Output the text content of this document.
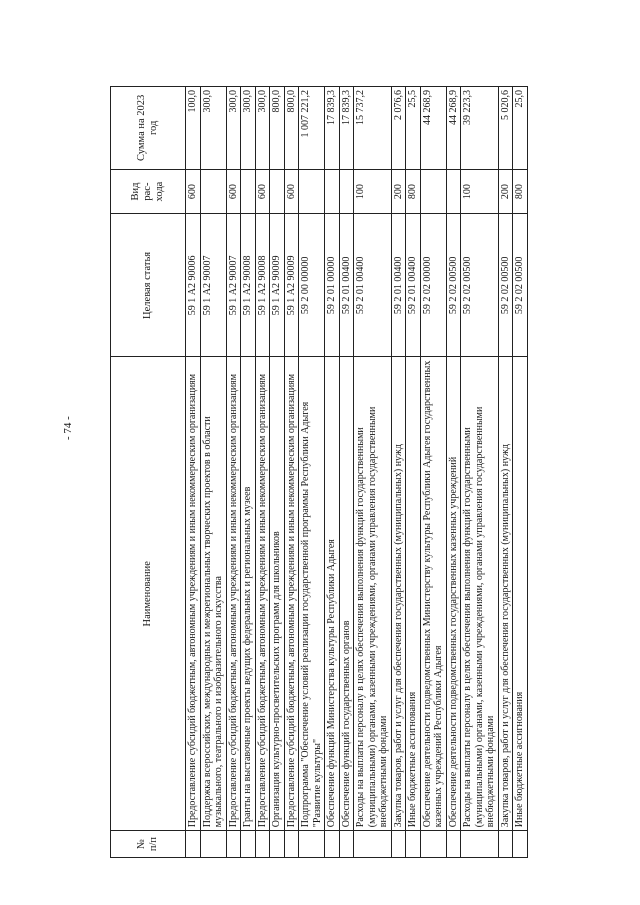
- 74 -
№ п/п	Наименование	Целевая статья	Вид рас-хода	Сумма на 2023 год
	Предоставление субсидий бюджетным, автономным учреждениям и иным некоммерческим организациям	59 1 А2 90006	600	100,0
	Поддержка всероссийских, международных и межрегиональных творческих проектов в области музыкального, театрального и изобразительного искусства	59 1 А2 90007		300,0
	Предоставление субсидий бюджетным, автономным учреждениям и иным некоммерческим организациям	59 1 А2 90007	600	300,0
	Гранты на выставочные проекты ведущих федеральных и региональных музеев	59 1 А2 90008		300,0
	Предоставление субсидий бюджетным, автономным учреждениям и иным некоммерческим организациям	59 1 А2 90008	600	300,0
	Организация культурно-просветительских программ для школьников	59 1 А2 90009		800,0
	Предоставление субсидий бюджетным, автономным учреждениям и иным некоммерческим организациям	59 1 А2 90009	600	800,0
	Подпрограмма "Обеспечение условий реализации государственной программы Республики Адыгея "Развитие культуры"	59 2 00 00000		1 007 221,2
	Обеспечение функций Министерства культуры Республики Адыгея	59 2 01 00000		17 839,3
	Обеспечение функций государственных органов	59 2 01 00400		17 839,3
	Расходы на выплаты персоналу в целях обеспечения выполнения функций государственными (муниципальными) органами, казенными учреждениями, органами управления государственными внебюджетными фондами	59 2 01 00400	100	15 737,2
	Закупка товаров, работ и услуг для обеспечения государственных (муниципальных) нужд	59 2 01 00400	200	2 076,6
	Иные бюджетные ассигнования	59 2 01 00400	800	25,5
	Обеспечение деятельности подведомственных Министерству культуры Республики Адыгея государственных казенных учреждений Республики Адыгея	59 2 02 00000		44 268,9
	Обеспечение деятельности подведомственных государственных казенных учреждений	59 2 02 00500		44 268,9
	Расходы на выплаты персоналу в целях обеспечения выполнения функций государственными (муниципальными) органами, казенными учреждениями, органами управления государственными внебюджетными фондами	59 2 02 00500	100	39 223,3
	Закупка товаров, работ и услуг для обеспечения государственных (муниципальных) нужд	59 2 02 00500	200	5 020,6
	Иные бюджетные ассигнования	59 2 02 00500	800	25,0
